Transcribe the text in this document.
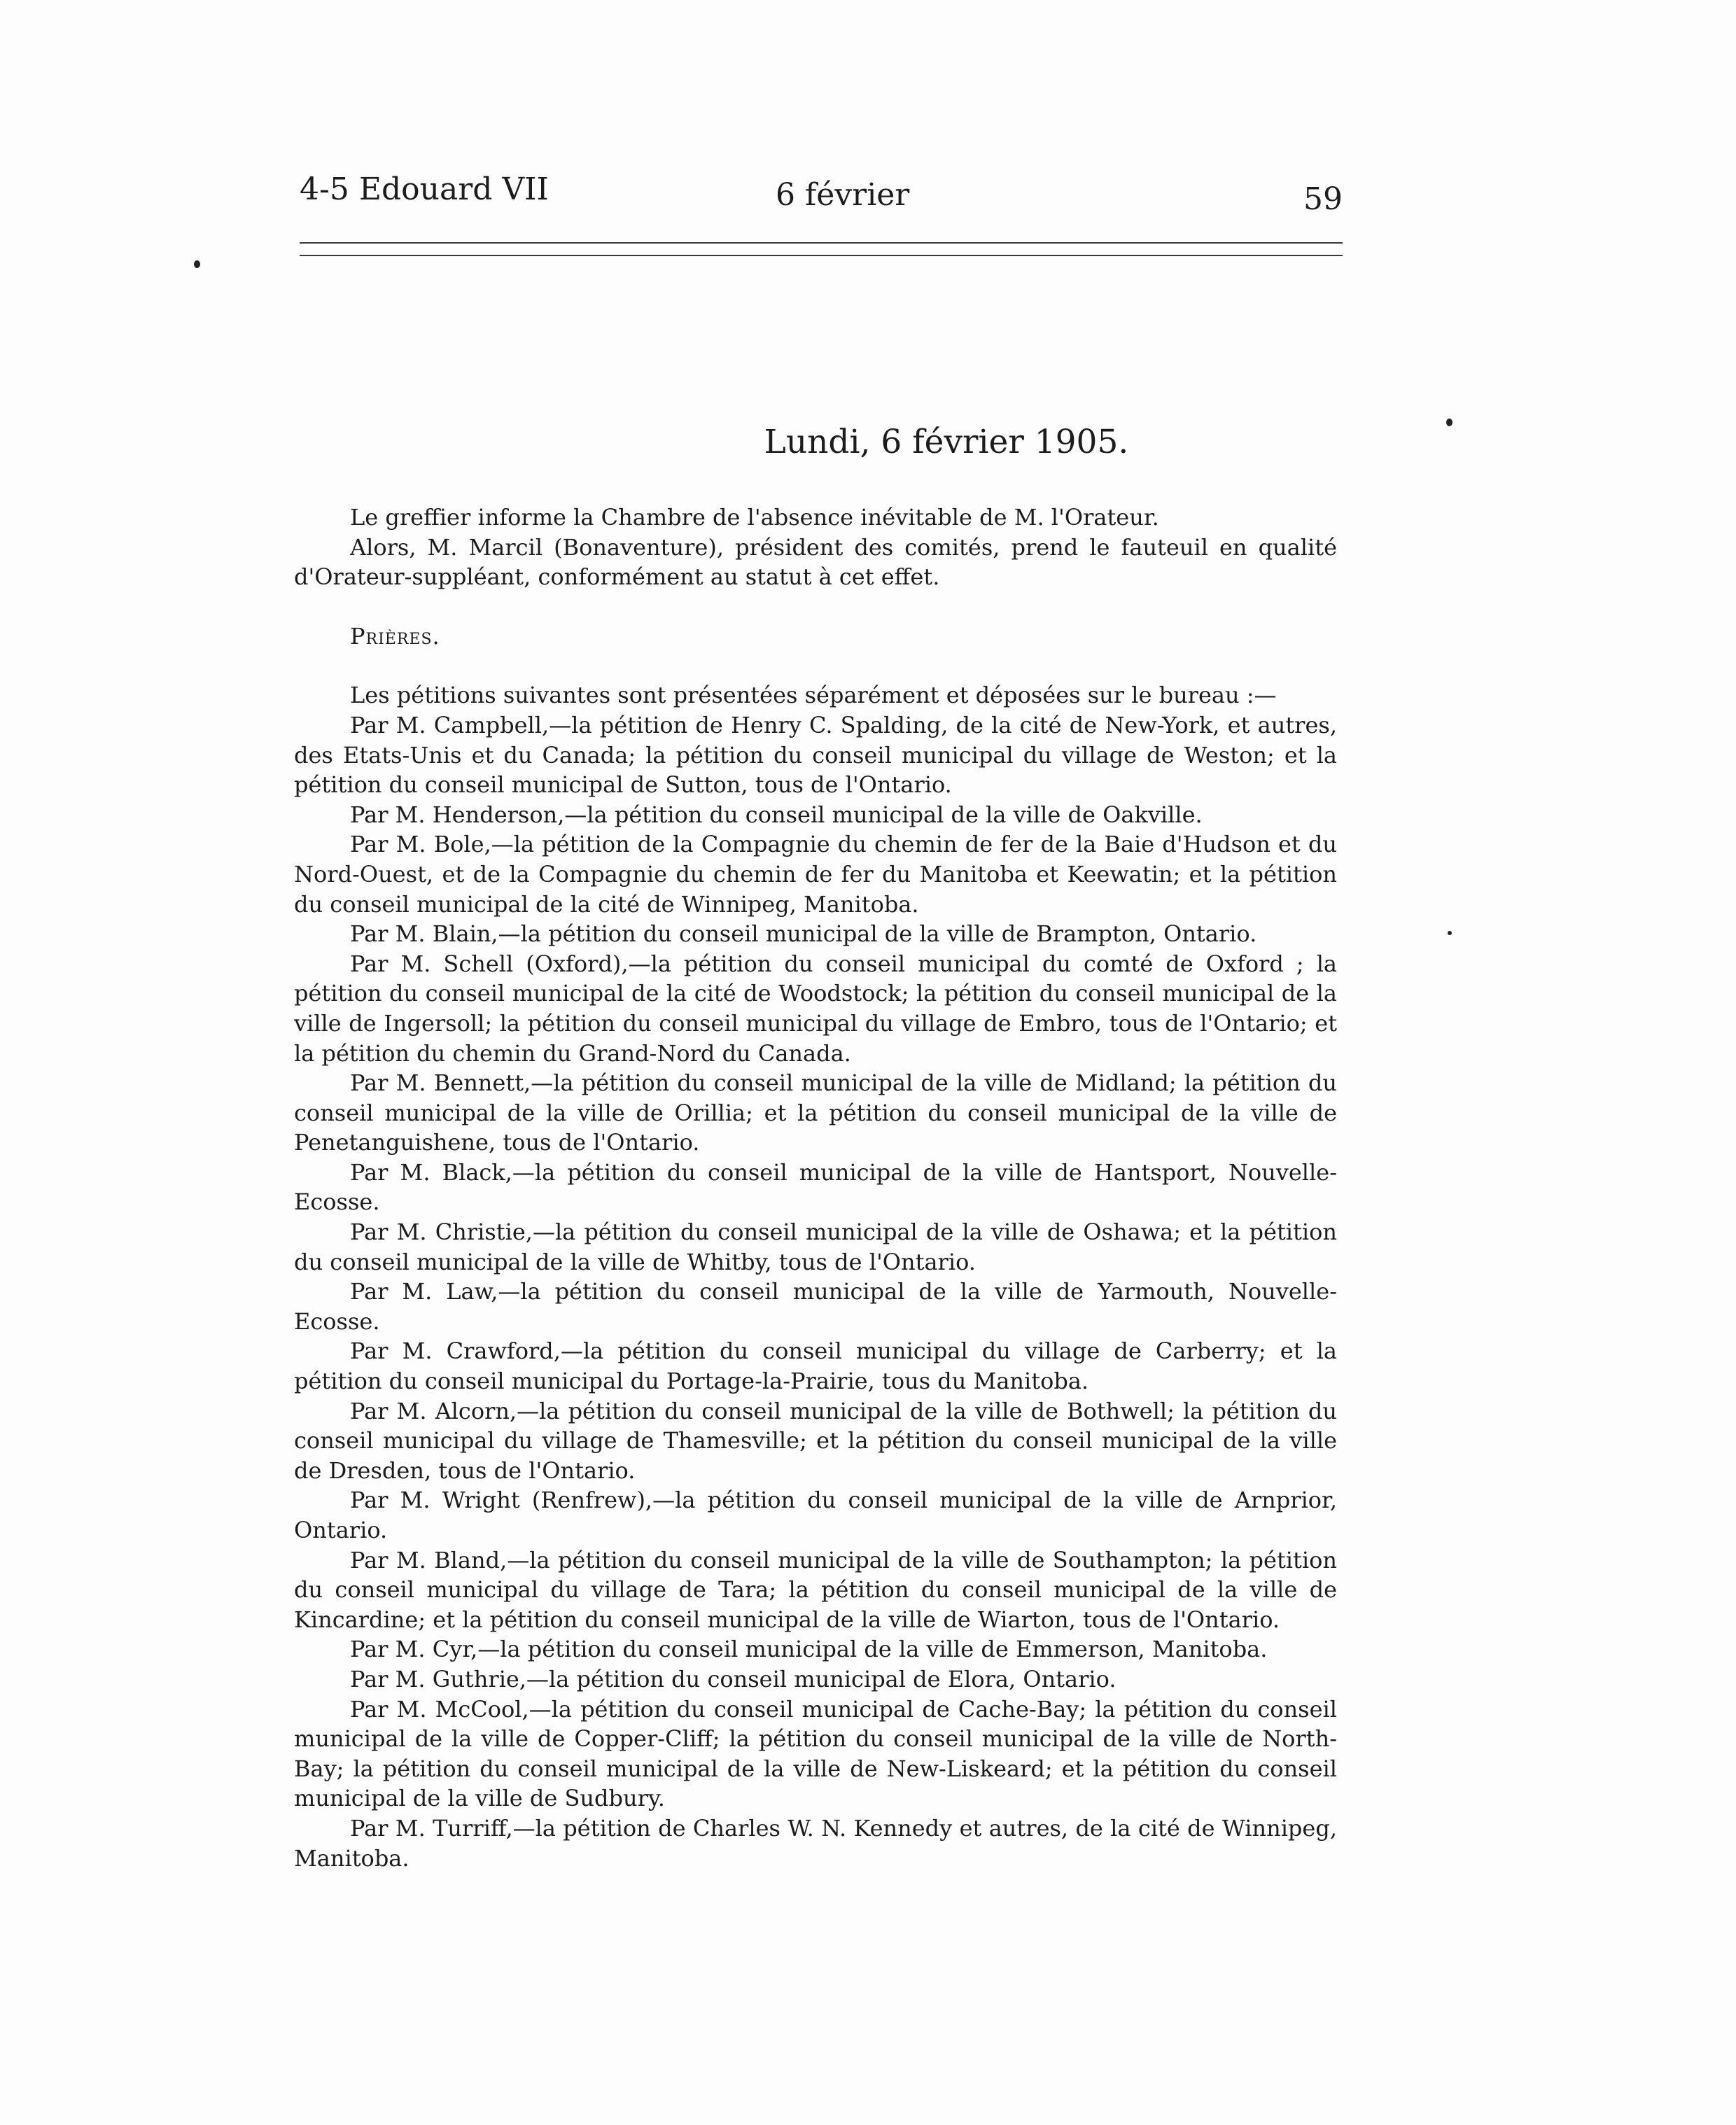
4-5 Edouard VII	6 février	59
Lundi, 6 février 1905.

Le greffier informe la Chambre de l'absence inévitable de M. l'Orateur.

Alors, M. Marcil (Bonaventure), président des comités, prend le fauteuil en qualité d'Orateur-suppléant, conformément au statut à cet effet.

Prières.

Les pétitions suivantes sont présentées séparément et déposées sur le bureau :—

Par M. Campbell,—la pétition de Henry C. Spalding, de la cité de New-York, et autres, des Etats-Unis et du Canada; la pétition du conseil municipal du village de Weston; et la pétition du conseil municipal de Sutton, tous de l'Ontario.

Par M. Henderson,—la pétition du conseil municipal de la ville de Oakville.

Par M. Bole,—la pétition de la Compagnie du chemin de fer de la Baie d'Hudson et du Nord-Ouest, et de la Compagnie du chemin de fer du Manitoba et Keewatin; et la pétition du conseil municipal de la cité de Winnipeg, Manitoba.

Par M. Blain,—la pétition du conseil municipal de la ville de Brampton, Ontario.

Par M. Schell (Oxford),—la pétition du conseil municipal du comté de Oxford ; la pétition du conseil municipal de la cité de Woodstock; la pétition du conseil municipal de la ville de Ingersoll; la pétition du conseil municipal du village de Embro, tous de l'Ontario; et la pétition du chemin du Grand-Nord du Canada.

Par M. Bennett,—la pétition du conseil municipal de la ville de Midland; la pétition du conseil municipal de la ville de Orillia; et la pétition du conseil municipal de la ville de Penetanguishene, tous de l'Ontario.

Par M. Black,—la pétition du conseil municipal de la ville de Hantsport, Nouvelle-Ecosse.

Par M. Christie,—la pétition du conseil municipal de la ville de Oshawa; et la pétition du conseil municipal de la ville de Whitby, tous de l'Ontario.

Par M. Law,—la pétition du conseil municipal de la ville de Yarmouth, Nouvelle-Ecosse.

Par M. Crawford,—la pétition du conseil municipal du village de Carberry; et la pétition du conseil municipal du Portage-la-Prairie, tous du Manitoba.

Par M. Alcorn,—la pétition du conseil municipal de la ville de Bothwell; la pétition du conseil municipal du village de Thamesville; et la pétition du conseil municipal de la ville de Dresden, tous de l'Ontario.

Par M. Wright (Renfrew),—la pétition du conseil municipal de la ville de Arnprior, Ontario.

Par M. Bland,—la pétition du conseil municipal de la ville de Southampton; la pétition du conseil municipal du village de Tara; la pétition du conseil municipal de la ville de Kincardine; et la pétition du conseil municipal de la ville de Wiarton, tous de l'Ontario.

Par M. Cyr,—la pétition du conseil municipal de la ville de Emmerson, Manitoba.

Par M. Guthrie,—la pétition du conseil municipal de Elora, Ontario.

Par M. McCool,—la pétition du conseil municipal de Cache-Bay; la pétition du conseil municipal de la ville de Copper-Cliff; la pétition du conseil municipal de la ville de North-Bay; la pétition du conseil municipal de la ville de New-Liskeard; et la pétition du conseil municipal de la ville de Sudbury.

Par M. Turriff,—la pétition de Charles W. N. Kennedy et autres, de la cité de Winnipeg, Manitoba.
